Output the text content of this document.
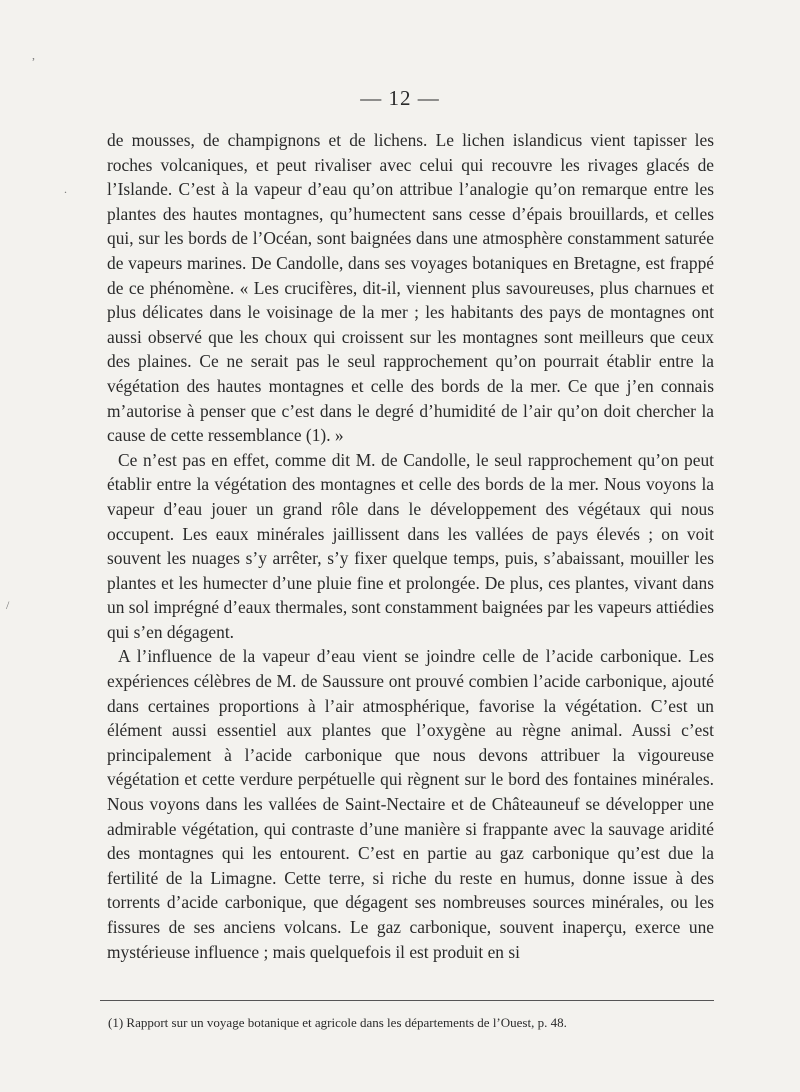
,
.
/
— 12 —

de mousses, de champignons et de lichens. Le lichen islandicus vient tapisser les roches volcaniques, et peut rivaliser avec celui qui recouvre les rivages glacés de l’Islande. C’est à la vapeur d’eau qu’on attribue l’analogie qu’on remarque entre les plantes des hautes montagnes, qu’humectent sans cesse d’épais brouillards, et celles qui, sur les bords de l’Océan, sont baignées dans une atmosphère constamment saturée de vapeurs marines. De Candolle, dans ses voyages botaniques en Bretagne, est frappé de ce phénomène. « Les crucifères, dit-il, viennent plus savoureuses, plus charnues et plus délicates dans le voisinage de la mer ; les habitants des pays de montagnes ont aussi observé que les choux qui croissent sur les montagnes sont meilleurs que ceux des plaines. Ce ne serait pas le seul rapprochement qu’on pourrait établir entre la végétation des hautes montagnes et celle des bords de la mer. Ce que j’en connais m’autorise à penser que c’est dans le degré d’humidité de l’air qu’on doit chercher la cause de cette ressemblance (1). »

Ce n’est pas en effet, comme dit M. de Candolle, le seul rapprochement qu’on peut établir entre la végétation des montagnes et celle des bords de la mer. Nous voyons la vapeur d’eau jouer un grand rôle dans le développement des végétaux qui nous occupent. Les eaux minérales jaillissent dans les vallées de pays élevés ; on voit souvent les nuages s’y arrêter, s’y fixer quelque temps, puis, s’abaissant, mouiller les plantes et les humecter d’une pluie fine et prolongée. De plus, ces plantes, vivant dans un sol imprégné d’eaux thermales, sont constamment baignées par les vapeurs attiédies qui s’en dégagent.

A l’influence de la vapeur d’eau vient se joindre celle de l’acide carbonique. Les expériences célèbres de M. de Saussure ont prouvé combien l’acide carbonique, ajouté dans certaines proportions à l’air atmosphérique, favorise la végétation. C’est un élément aussi essentiel aux plantes que l’oxygène au règne animal. Aussi c’est principalement à l’acide carbonique que nous devons attribuer la vigoureuse végétation et cette verdure perpétuelle qui règnent sur le bord des fontaines minérales. Nous voyons dans les vallées de Saint-Nectaire et de Châteauneuf se développer une admirable végétation, qui contraste d’une manière si frappante avec la sauvage aridité des montagnes qui les entourent. C’est en partie au gaz carbonique qu’est due la fertilité de la Limagne. Cette terre, si riche du reste en humus, donne issue à des torrents d’acide carbonique, que dégagent ses nombreuses sources minérales, ou les fissures de ses anciens volcans. Le gaz carbonique, souvent inaperçu, exerce une mystérieuse influence ; mais quelquefois il est produit en si

(1) Rapport sur un voyage botanique et agricole dans les départements de l’Ouest, p. 48.
